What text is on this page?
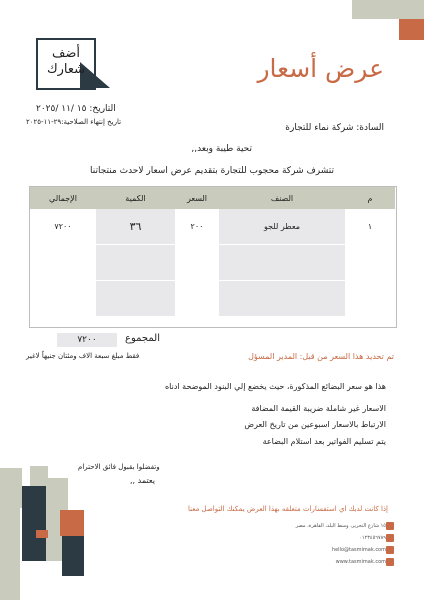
أضف
شعارك	عرض أسعار
التاريخ: ١٥ /١١ /٢٠٢٥
تاريخ إنتهاء الصلاحية:٢٩-١١-٢٠٢٥
السادة: شركة نماء للتجارة
تحية طيبة وبعد,,
تتشرف شركة محجوب للتجارة بتقديم عرض اسعار لاحدث منتجاتنا
م	الصنف	السعر	الكمية	الإجمالي
١	معطر للجو	٢٠٠	٣٦	٧٢٠٠

المجموع
٧٢٠٠
فقط مبلغ سبعة الاف ومئتان جنيهاً لاغير	تم تحديد هذا السعر من قبل: المدير المسؤل
هذا هو سعر البضائع المذكورة، حيث يخضع إلي البنود الموضحة ادناه
الاسعار غير شاملة ضريبة القيمة المضافة
الارتباط بالاسعار اسبوعين من تاريخ العرض
يتم تسليم الفواتير بعد استلام البضاعة
وتفضلوا بقبول فائق الاحترام
يعتمد ,,
إذا كانت لديك اي استفسارات متعلقه بهذا العرض يمكنك التواصل معنا
١٥ شارع التحرير، وسط البلد، القاهرة، مصر
٠١٢٣٤٥٦٧٨٩
hello@tasmimak.com
www.tasmimak.com
